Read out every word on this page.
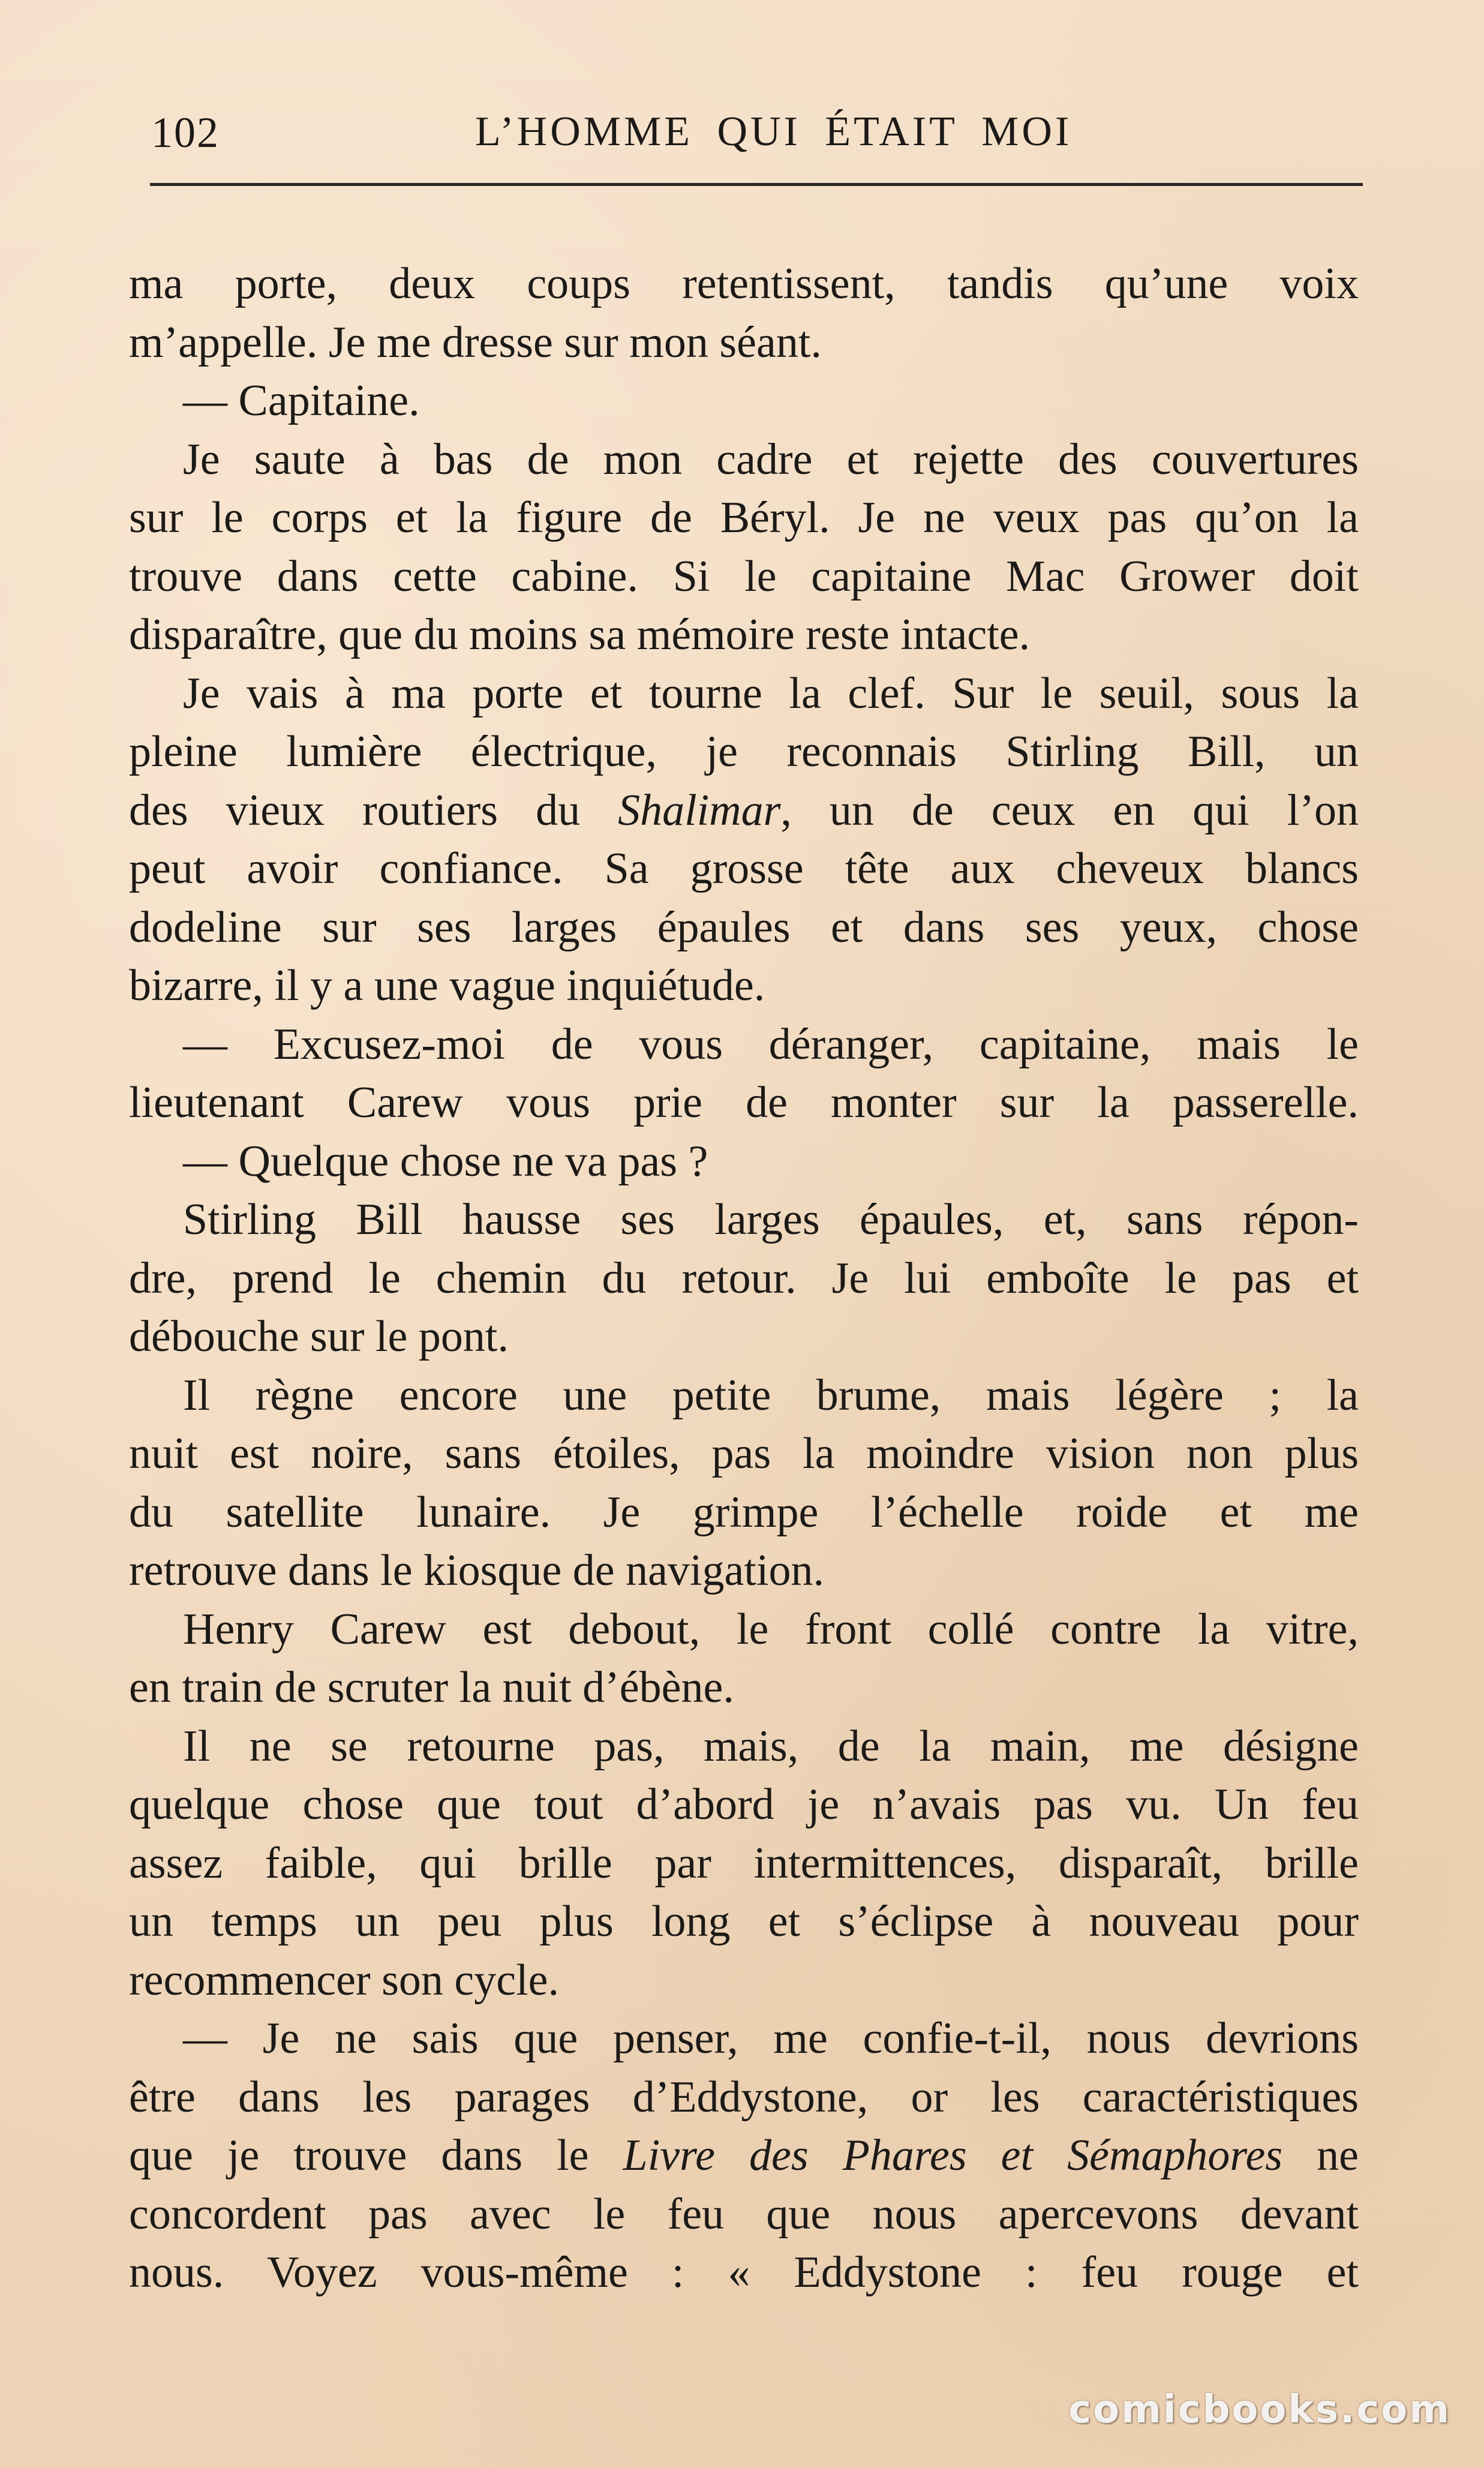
102	L’HOMME QUI ÉTAIT MOI
ma porte, deux coups retentissent, tandis qu’une voix
m’appelle. Je me dresse sur mon séant.
— Capitaine.
Je saute à bas de mon cadre et rejette des couvertures
sur le corps et la figure de Béryl. Je ne veux pas qu’on la
trouve dans cette cabine. Si le capitaine Mac Grower doit
disparaître, que du moins sa mémoire reste intacte.
Je vais à ma porte et tourne la clef. Sur le seuil, sous la
pleine lumière électrique, je reconnais Stirling Bill, un
des vieux routiers du Shalimar, un de ceux en qui l’on
peut avoir confiance. Sa grosse tête aux cheveux blancs
dodeline sur ses larges épaules et dans ses yeux, chose
bizarre, il y a une vague inquiétude.
— Excusez-moi de vous déranger, capitaine, mais le
lieutenant Carew vous prie de monter sur la passerelle.
— Quelque chose ne va pas ?
Stirling Bill hausse ses larges épaules, et, sans répon-
dre, prend le chemin du retour. Je lui emboîte le pas et
débouche sur le pont.
Il règne encore une petite brume, mais légère ; la
nuit est noire, sans étoiles, pas la moindre vision non plus
du satellite lunaire. Je grimpe l’échelle roide et me
retrouve dans le kiosque de navigation.
Henry Carew est debout, le front collé contre la vitre,
en train de scruter la nuit d’ébène.
Il ne se retourne pas, mais, de la main, me désigne
quelque chose que tout d’abord je n’avais pas vu. Un feu
assez faible, qui brille par intermittences, disparaît, brille
un temps un peu plus long et s’éclipse à nouveau pour
recommencer son cycle.
— Je ne sais que penser, me confie-t-il, nous devrions
être dans les parages d’Eddystone, or les caractéristiques
que je trouve dans le Livre des Phares et Sémaphores ne
concordent pas avec le feu que nous apercevons devant
nous. Voyez vous-même : « Eddystone : feu rouge et
comicbooks.com
